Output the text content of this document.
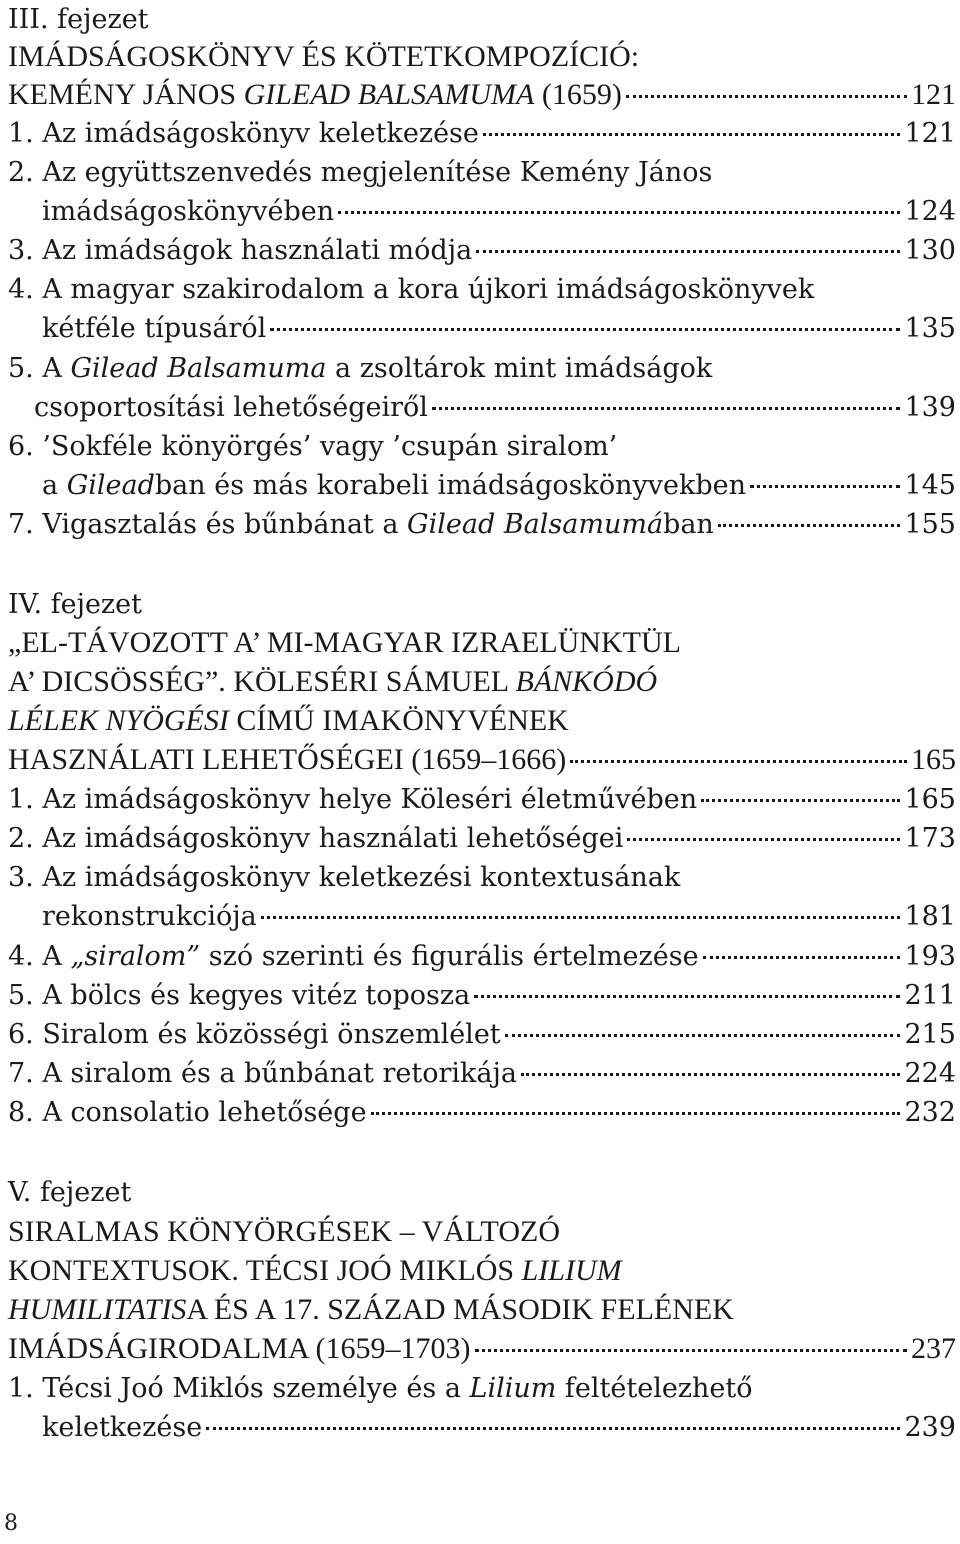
III. fejezet
IMÁDSÁGOSKÖNYV ÉS KÖTETKOMPOZÍCIÓ:
KEMÉNY JÁNOS GILEAD BALSAMUMA (1659)	121
1. Az imádságoskönyv keletkezése	121
2. Az együttszenvedés megjelenítése Kemény János
imádságoskönyvében	124
3. Az imádságok használati módja	130
4. A magyar szakirodalom a kora újkori imádságoskönyvek
kétféle típusáról	135
5. A Gilead Balsamuma a zsoltárok mint imádságok
csoportosítási lehetőségeiről	139
6. ’Sokféle könyörgés’ vagy ’csupán siralom’
a Gileadban és más korabeli imádságoskönyvekben	145
7. Vigasztalás és bűnbánat a Gilead Balsamumában	155
IV. fejezet
„EL-TÁVOZOTT A’ MI-MAGYAR IZRAELÜNKTÜL
A’ DICSÖSSÉG”. KÖLESÉRI SÁMUEL BÁNKÓDÓ
LÉLEK NYÖGÉSI CÍMŰ IMAKÖNYVÉNEK
HASZNÁLATI LEHETŐSÉGEI (1659–1666)	165
1. Az imádságoskönyv helye Köleséri életművében	165
2. Az imádságoskönyv használati lehetőségei	173
3. Az imádságoskönyv keletkezési kontextusának
rekonstrukciója	181
4. A „siralom” szó szerinti és figurális értelmezése	193
5. A bölcs és kegyes vitéz toposza	211
6. Siralom és közösségi önszemlélet	215
7. A siralom és a bűnbánat retorikája	224
8. A consolatio lehetősége	232
V. fejezet
SIRALMAS KÖNYÖRGÉSEK – VÁLTOZÓ
KONTEXTUSOK. TÉCSI JOÓ MIKLÓS LILIUM
HUMILITATISA ÉS A 17. SZÁZAD MÁSODIK FELÉNEK
IMÁDSÁGIRODALMA (1659–1703)	237
1. Técsi Joó Miklós személye és a Lilium feltételezhető
keletkezése	239
8
